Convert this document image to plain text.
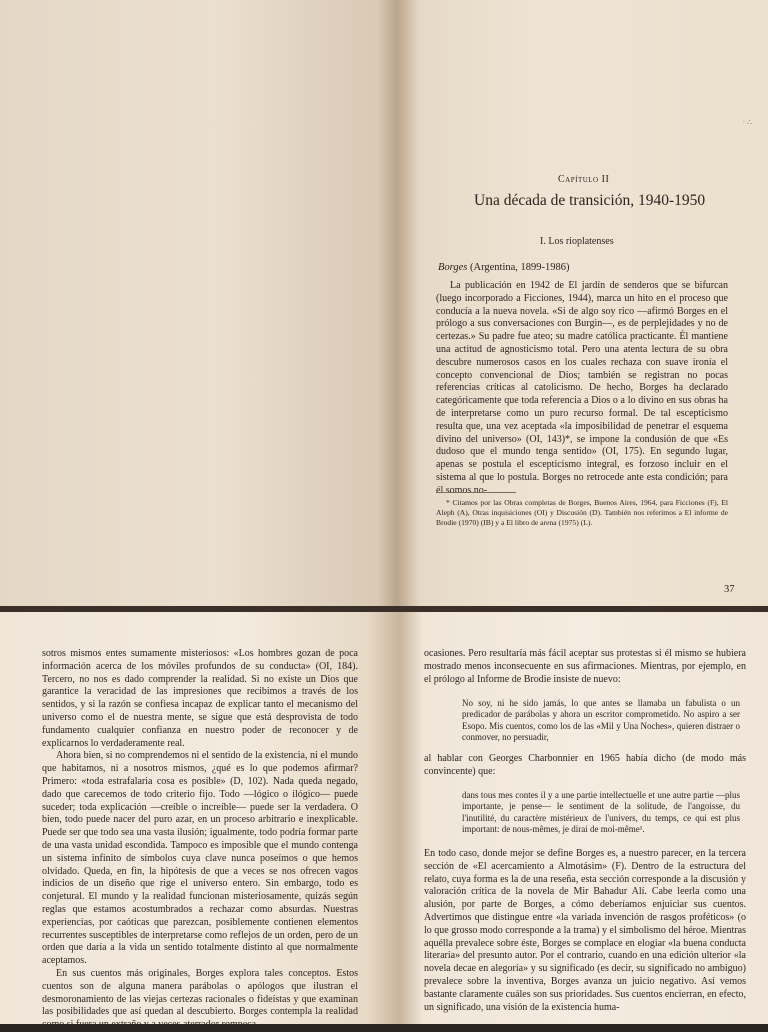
ˑ ∴
Capítulo II
Una década de transición, 1940-1950
I. Los rioplatenses
Borges (Argentina, 1899-1986)

La publicación en 1942 de El jardín de senderos que se bifurcan (luego incorporado a Ficciones, 1944), marca un hito en el proceso que conducía a la nueva novela. «Si de algo soy rico —afirmó Borges en el prólogo a sus conversaciones con Burgin—, es de perplejidades y no de certezas.» Su padre fue ateo; su madre católica practicante. Él mantiene una actitud de agnosticismo total. Pero una atenta lectura de su obra descubre numerosos casos en los cuales rechaza con suave ironía el concepto convencional de Dios; también se registran no pocas referencias críticas al catolicismo. De hecho, Borges ha declarado categóricamente que toda referencia a Dios o a lo divino en sus obras ha de interpretarse como un puro recurso formal. De tal escepticismo resulta que, una vez aceptada «la imposibilidad de penetrar el esquema divino del universo» (OI, 143)*, se impone la condusión de que «Es dudoso que el mundo tenga sentido» (OI, 175). En segundo lugar, apenas se postula el escepticismo integral, es forzoso incluir en el sistema al que lo postula. Borges no retrocede ante esta condición; para él somos no-

* Citamos por las Obras completas de Borges, Buenos Aires, 1964, para Ficciones (F), El Aleph (A), Otras inquisiciones (OI) y Discusión (D). También nos referimos a El informe de Brodie (1970) (IB) y a El libro de arena (1975) (L).

37

sotros mismos entes sumamente misteriosos: «Los hombres gozan de poca información acerca de los móviles profundos de su conducta» (OI, 184). Tercero, no nos es dado comprender la realidad. Si no existe un Dios que garantice la veracidad de las impresiones que recibimos a través de los sentidos, y si la razón se confiesa incapaz de explicar tanto el mecanismo del universo como el de nuestra mente, se sigue que está desprovista de todo fundamento cualquier confianza en nuestro poder de reconocer y de explicarnos lo verdaderamente real.

Ahora bien, si no comprendemos ni el sentido de la existencia, ni el mundo que habitamos, ni a nosotros mismos, ¿qué es lo que podemos afirmar? Primero: «toda estrafalaria cosa es posible» (D, 102). Nada queda negado, dado que carecemos de todo criterio fijo. Todo —lógico o ilógico— puede suceder; toda explicación —creíble o increíble— puede ser la verdadera. O bien, todo puede nacer del puro azar, en un proceso arbitrario e inexplicable. Puede ser que todo sea una vasta ilusión; igualmente, todo podría formar parte de una vasta unidad escondida. Tampoco es imposible que el mundo contenga un sistema infinito de símbolos cuya clave nunca poseímos o que hemos olvidado. Queda, en fin, la hipótesis de que a veces se nos ofrecen vagos indicios de un diseño que rige el universo entero. Sin embargo, todo es conjetural. El mundo y la realidad funcionan misteriosamente, quizás según reglas que estamos acostumbrados a rechazar como absurdas. Nuestras experiencias, por caóticas que parezcan, posiblemente contienen elementos recurrentes susceptibles de interpretarse como reflejos de un orden, pero de un orden que daría a la vida un sentido totalmente distinto al que normalmente aceptamos.

En sus cuentos más originales, Borges explora tales conceptos. Estos cuentos son de alguna manera parábolas o apólogos que ilustran el desmoronamiento de las viejas certezas racionales o fideístas y que examinan las posibilidades que así quedan al descubierto. Borges contempla la realidad como si fuera un extraño y a veces aterrador rompeca-

ocasiones. Pero resultaría más fácil aceptar sus protestas si él mismo se hubiera mostrado menos inconsecuente en sus afirmaciones. Mientras, por ejemplo, en el prólogo al Informe de Brodie insiste de nuevo:

No soy, ni he sido jamás, lo que antes se llamaba un fabulista o un predicador de parábolas y ahora un escritor comprometido. No aspiro a ser Esopo. Mis cuentos, como los de las «Mil y Una Noches», quieren distraer o conmover, no persuadir,

al hablar con Georges Charbonnier en 1965 había dicho (de modo más convincente) que:

dans tous mes contes il y a une partie intellectuelle et une autre partie —plus importante, je pense— le sentiment de la solitude, de l'angoisse, du l'inutilité, du caractère mistérieux de l'univers, du temps, ce qui est plus important: de nous-mêmes, je dirai de moi-même¹.

En todo caso, donde mejor se define Borges es, a nuestro parecer, en la tercera sección de «El acercamiento a Almotásim» (F). Dentro de la estructura del relato, cuya forma es la de una reseña, esta sección corresponde a la discusión y valoración crítica de la novela de Mir Bahadur Alí. Cabe leerla como una alusión, por parte de Borges, a cómo deberíamos enjuiciar sus cuentos. Advertimos que distingue entre «la variada invención de rasgos proféticos» (o lo que grosso modo corresponde a la trama) y el simbolismo del héroe. Mientras aquélla prevalece sobre éste, Borges se complace en elogiar «la buena conducta literaria» del presunto autor. Por el contrario, cuando en una edición ulterior «la novela decae en alegoría» y su significado (es decir, su significado no ambiguo) prevalece sobre la inventiva, Borges avanza un juicio negativo. Así vemos bastante claramente cuáles son sus prioridades. Sus cuentos encierran, en efecto, un significado, una visión de la existencia huma-
